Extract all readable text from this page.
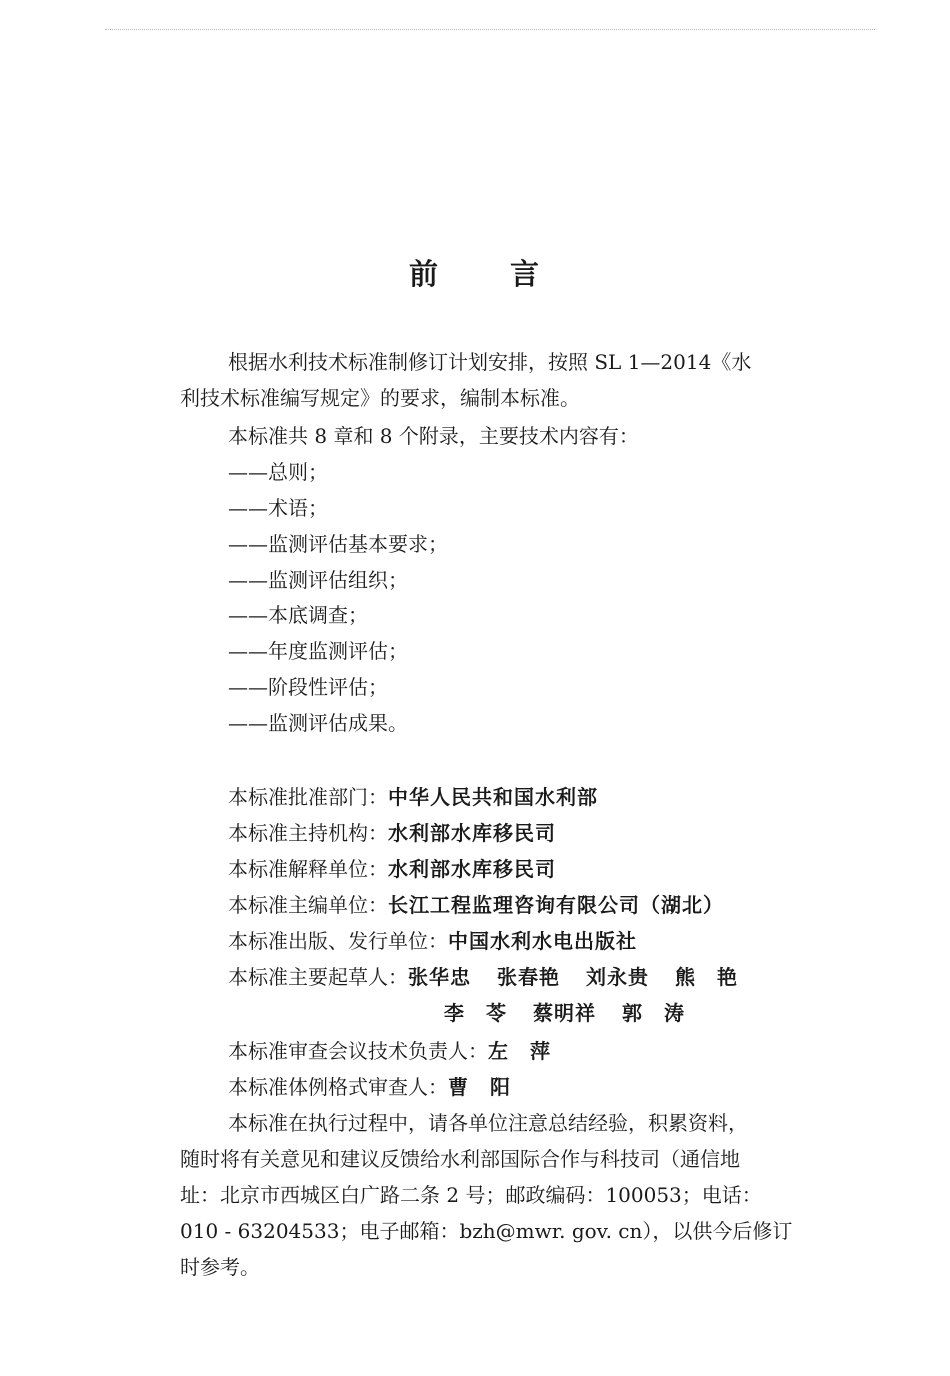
前 言
根据水利技术标准制修订计划安排，按照 SL 1—2014《水
利技术标准编写规定》的要求，编制本标准。
本标准共 8 章和 8 个附录，主要技术内容有：
——总则；
——术语；
——监测评估基本要求；
——监测评估组织；
——本底调查；
——年度监测评估；
——阶段性评估；
——监测评估成果。
本标准批准部门：中华人民共和国水利部
本标准主持机构：水利部水库移民司
本标准解释单位：水利部水库移民司
本标准主编单位：长江工程监理咨询有限公司（湖北）
本标准出版、发行单位：中国水利水电出版社
本标准主要起草人：张华忠 张春艳 刘永贵 熊　艳
李　苓 蔡明祥 郭　涛
本标准审查会议技术负责人：左　萍
本标准体例格式审查人：曹　阳
本标准在执行过程中，请各单位注意总结经验，积累资料，
随时将有关意见和建议反馈给水利部国际合作与科技司（通信地
址：北京市西城区白广路二条 2 号；邮政编码：100053；电话：
010 - 63204533；电子邮箱：bzh@mwr. gov. cn），以供今后修订
时参考。
